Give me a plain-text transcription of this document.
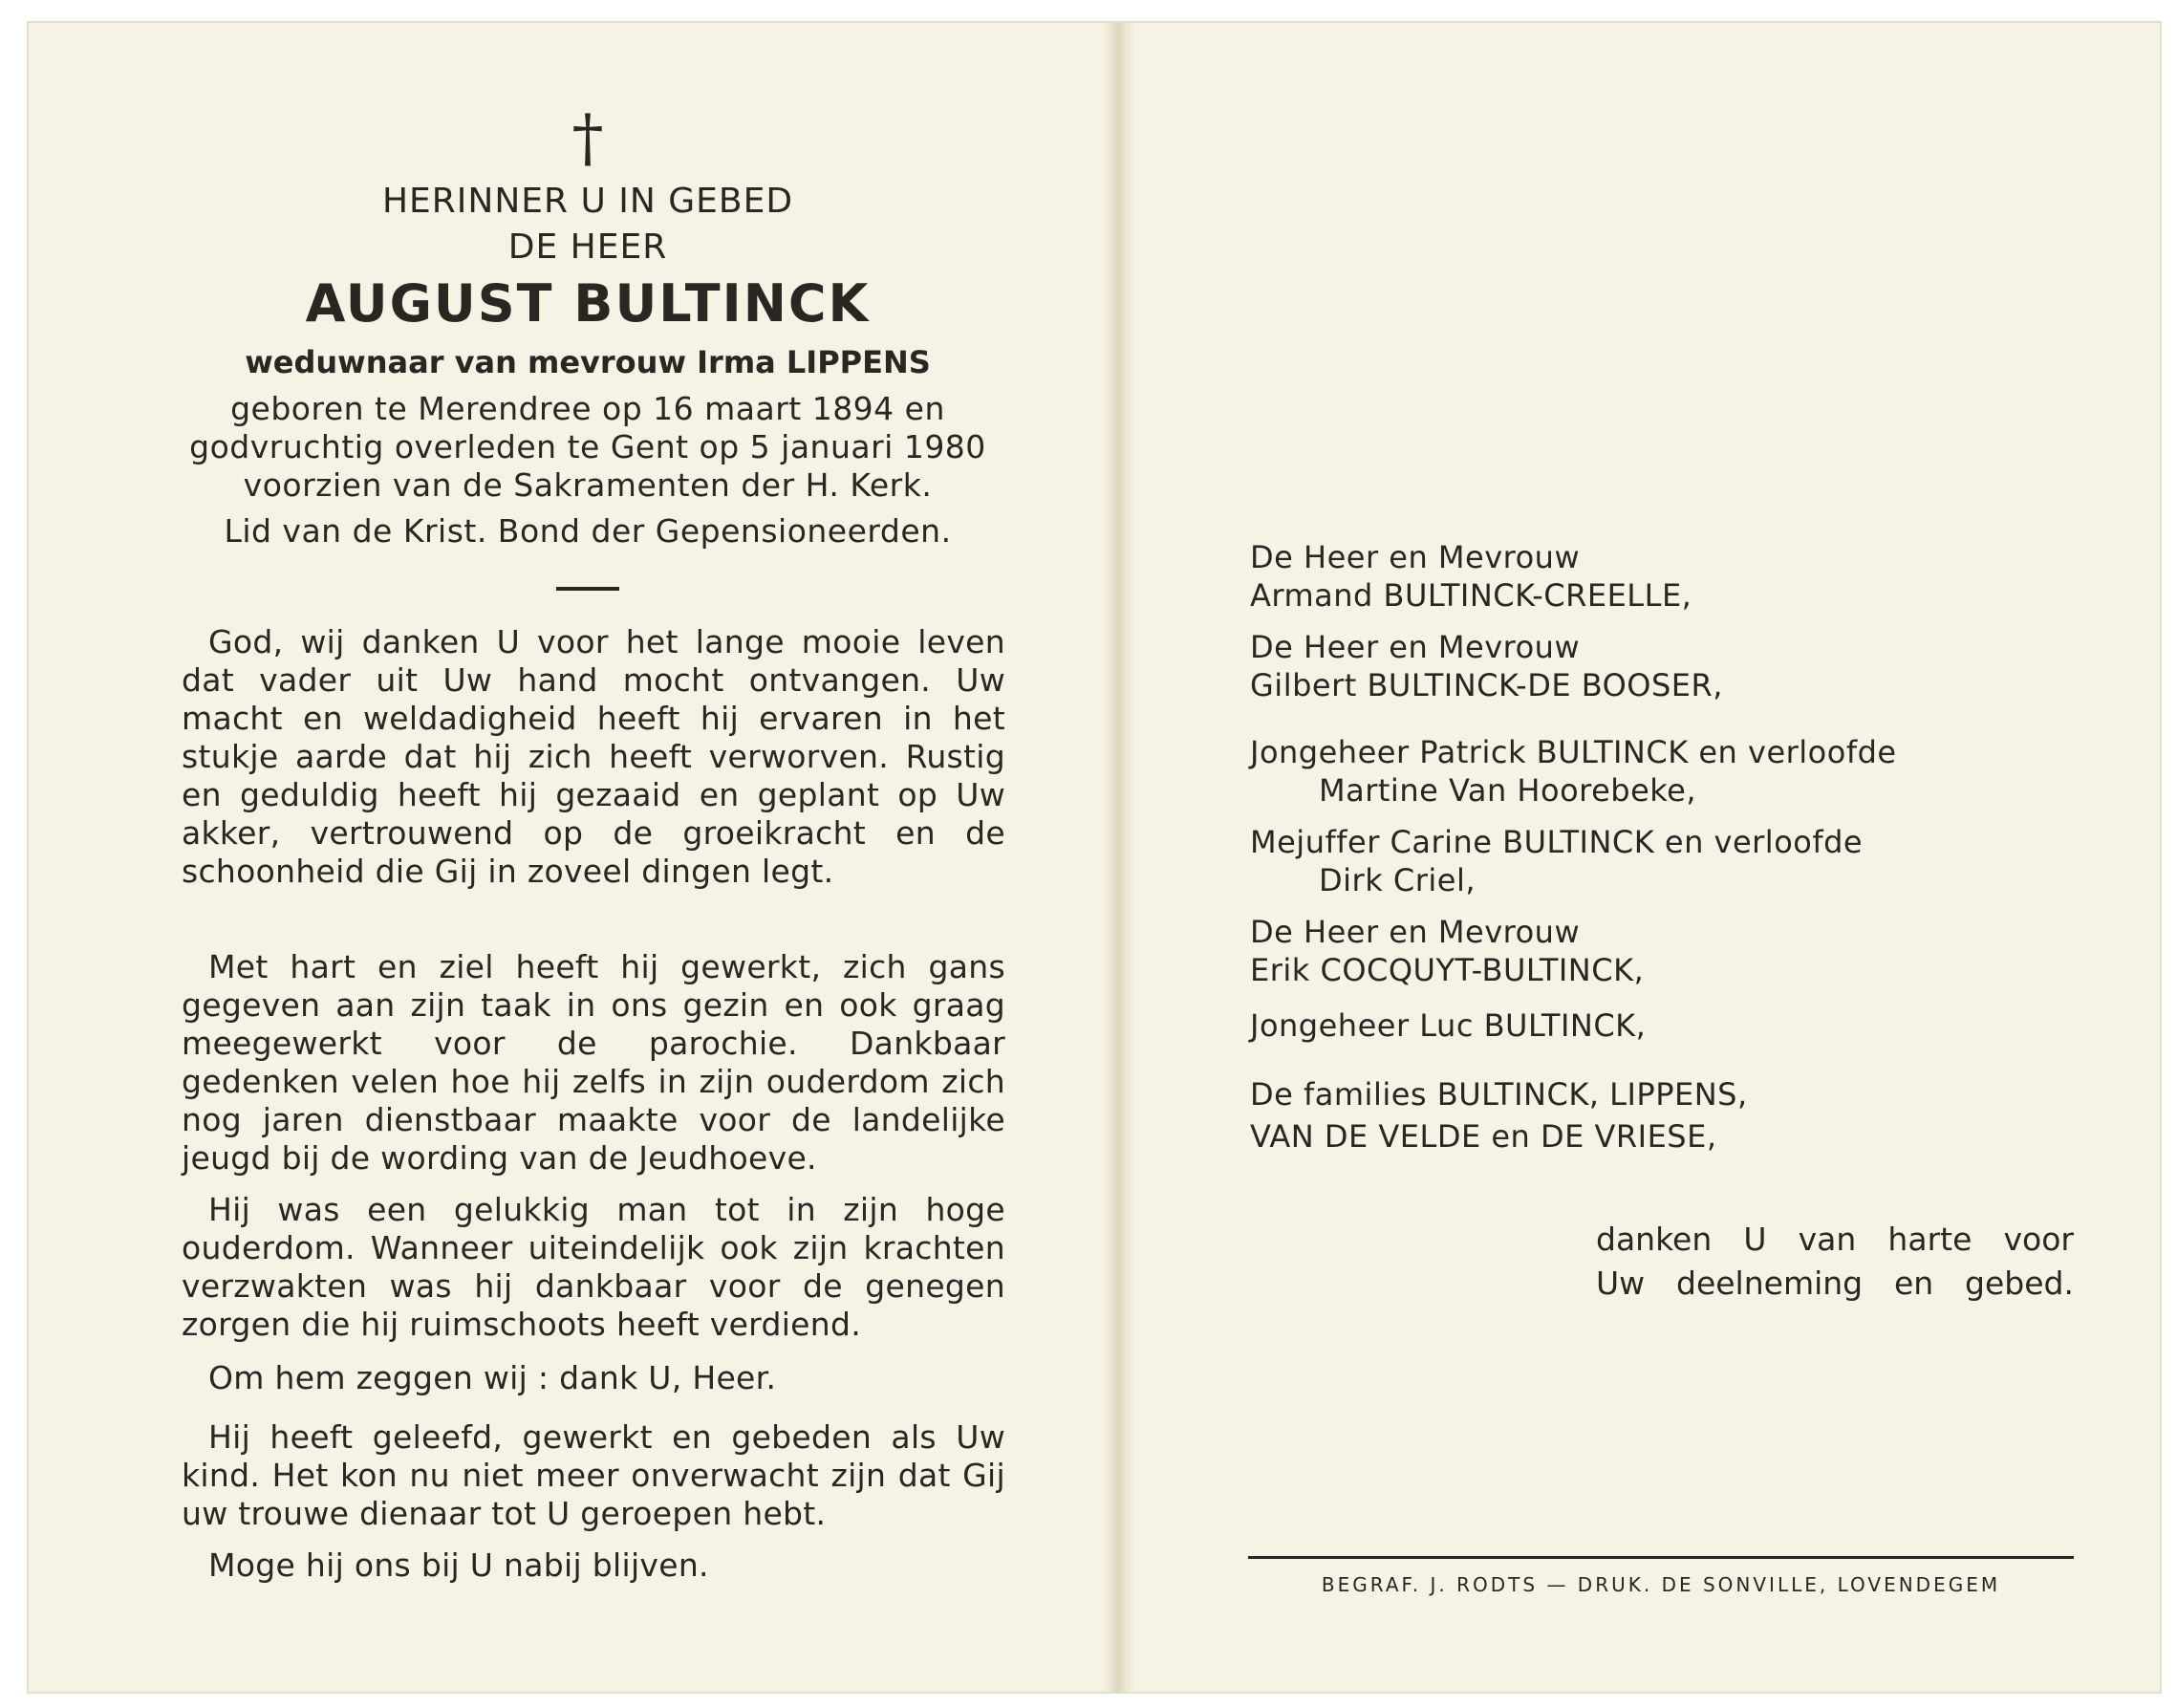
†
HERINNER U IN GEBED
DE HEER
AUGUST BULTINCK
weduwnaar van mevrouw Irma LIPPENS
geboren te Merendree op 16 maart 1894 en
godvruchtig overleden te Gent op 5 januari 1980
voorzien van de Sakramenten der H. Kerk.
Lid van de Krist. Bond der Gepensioneerden.
God, wij danken U voor het lange mooie leven dat vader uit Uw hand mocht ontvangen. Uw macht en weldadigheid heeft hij ervaren in het stukje aarde dat hij zich heeft verworven. Rustig en geduldig heeft hij gezaaid en geplant op Uw akker, vertrouwend op de groeikracht en de schoonheid die Gij in zoveel dingen legt.
Met hart en ziel heeft hij gewerkt, zich gans gegeven aan zijn taak in ons gezin en ook graag meegewerkt voor de parochie. Dankbaar gedenken velen hoe hij zelfs in zijn ouderdom zich nog jaren dienstbaar maakte voor de landelijke jeugd bij de wording van de Jeudhoeve.
Hij was een gelukkig man tot in zijn hoge ouderdom. Wanneer uiteindelijk ook zijn krachten verzwakten was hij dankbaar voor de genegen zorgen die hij ruimschoots heeft verdiend.
Om hem zeggen wij : dank U, Heer.
Hij heeft geleefd, gewerkt en gebeden als Uw kind. Het kon nu niet meer onverwacht zijn dat Gij uw trouwe dienaar tot U geroepen hebt.
Moge hij ons bij U nabij blijven.
De Heer en Mevrouw
Armand BULTINCK-CREELLE,
De Heer en Mevrouw
Gilbert BULTINCK-DE BOOSER,
Jongeheer Patrick BULTINCK en verloofde
Martine Van Hoorebeke,
Mejuffer Carine BULTINCK en verloofde
Dirk Criel,
De Heer en Mevrouw
Erik COCQUYT-BULTINCK,
Jongeheer Luc BULTINCK,
De families BULTINCK, LIPPENS,
VAN DE VELDE en DE VRIESE,
danken U van harte voor
Uw deelneming en gebed.
BEGRAF. J. RODTS — DRUK. DE SONVILLE, LOVENDEGEM
